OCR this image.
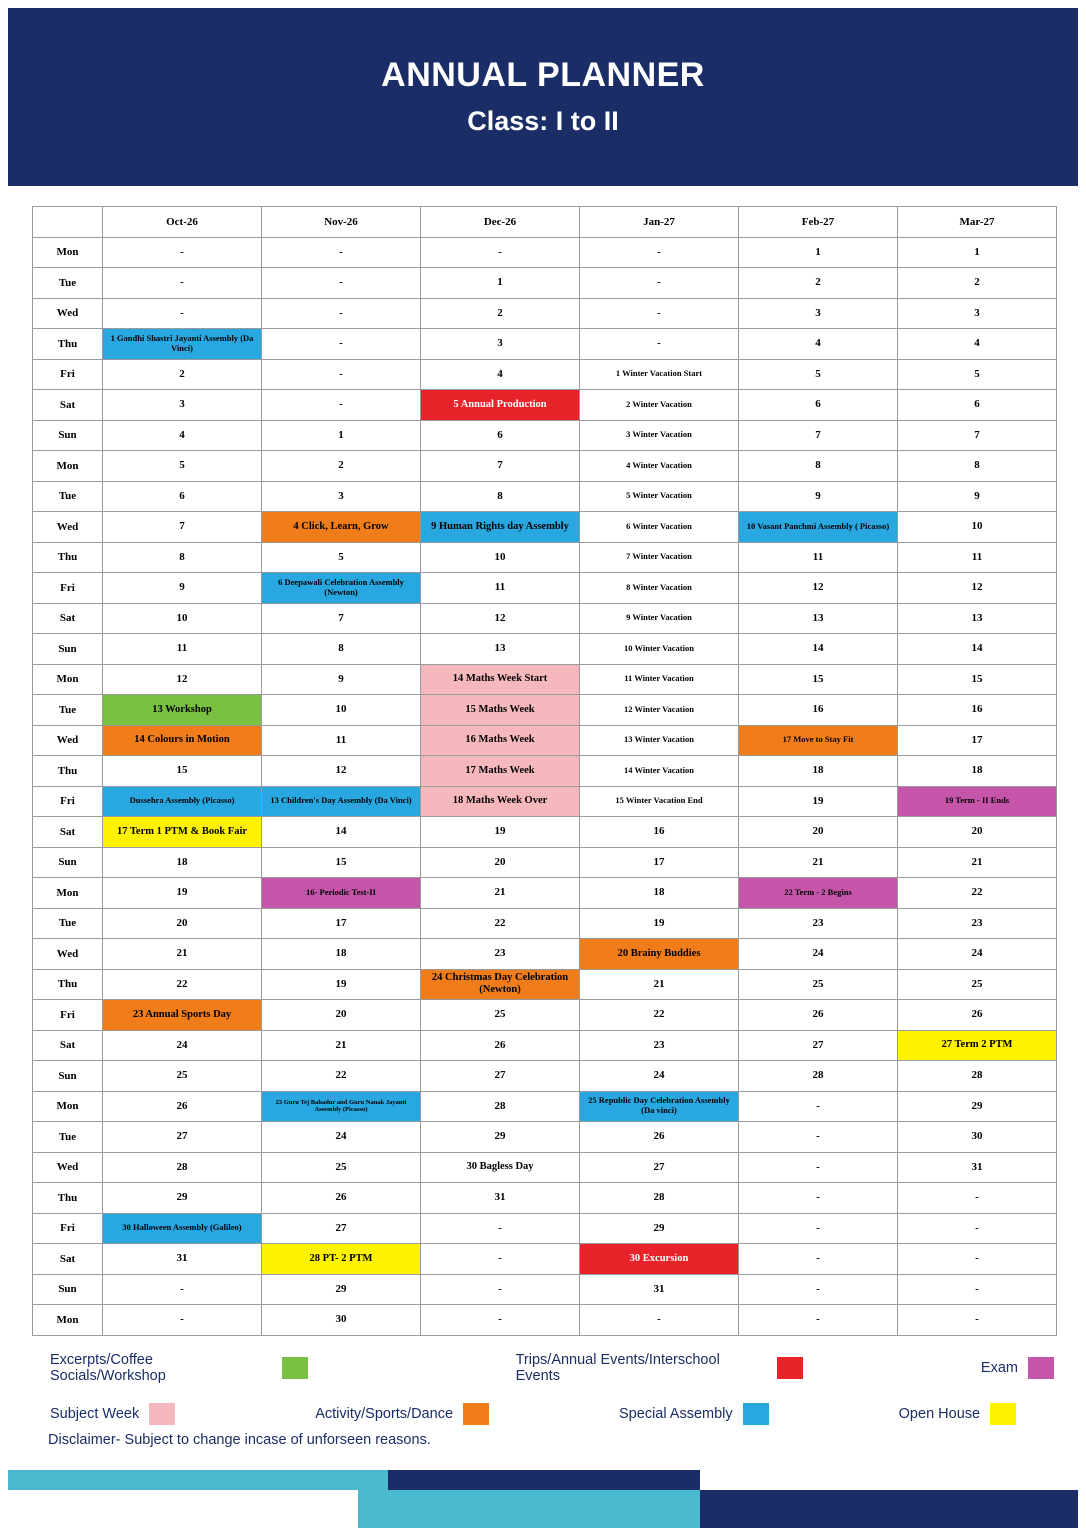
ANNUAL PLANNER
Class: I to II
	Oct-26	Nov-26	Dec-26	Jan-27	Feb-27	Mar-27
Mon	-	-	-	-	1	1

Tue	-	-	1	-	2	2

Wed	-	-	2	-	3	3

Thu	1 Gandhi Shastri Jayanti Assembly (Da Vinci)	-	3	-	4	4

Fri	2	-	4	1 Winter Vacation Start	5	5

Sat	3	-	5 Annual Production	2 Winter Vacation	6	6

Sun	4	1	6	3 Winter Vacation	7	7

Mon	5	2	7	4 Winter Vacation	8	8

Tue	6	3	8	5 Winter Vacation	9	9

Wed	7	4 Click, Learn, Grow	9 Human Rights day Assembly	6 Winter Vacation	10 Vasant Panchmi Assembly ( Picasso)	10

Thu	8	5	10	7 Winter Vacation	11	11

Fri	9	6 Deepawali Celebration Assembly (Newton)	11	8 Winter Vacation	12	12

Sat	10	7	12	9 Winter Vacation	13	13

Sun	11	8	13	10 Winter Vacation	14	14

Mon	12	9	14 Maths Week Start	11 Winter Vacation	15	15

Tue	13 Workshop	10	15 Maths Week	12 Winter Vacation	16	16

Wed	14 Colours in Motion	11	16 Maths Week	13 Winter Vacation	17 Move to Stay Fit	17

Thu	15	12	17 Maths Week	14 Winter Vacation	18	18

Fri	Dussehra Assembly (Picasso)	13 Children's Day Assembly (Da Vinci)	18 Maths Week Over	15 Winter Vacation End	19	19 Term - II Ends

Sat	17 Term 1 PTM & Book Fair	14	19	16	20	20

Sun	18	15	20	17	21	21

Mon	19	16- Periodic Test-II	21	18	22 Term - 2 Begins	22

Tue	20	17	22	19	23	23

Wed	21	18	23	20 Brainy Buddies	24	24

Thu	22	19	24 Christmas Day Celebration (Newton)	21	25	25

Fri	23 Annual Sports Day	20	25	22	26	26

Sat	24	21	26	23	27	27 Term 2 PTM

Sun	25	22	27	24	28	28

Mon	26	23 Guru Tej Bahadur and Guru Nanak Jayanti Assembly (Picasso)	28	25 Republic Day Celebration Assembly (Da vinci)	-	29

Tue	27	24	29	26	-	30

Wed	28	25	30 Bagless Day	27	-	31

Thu	29	26	31	28	-	-

Fri	30 Halloween Assembly (Galileo)	27	-	29	-	-

Sat	31	28 PT- 2 PTM	-	30 Excursion	-	-

Sun	-	29	-	31	-	-

Mon	-	30	-	-	-	-
Excerpts/Coffee Socials/Workshop
Trips/Annual Events/Interschool Events	Exam
Subject Week	Activity/Sports/Dance	Special Assembly	Open House
Disclaimer- Subject to change incase of unforseen reasons.
